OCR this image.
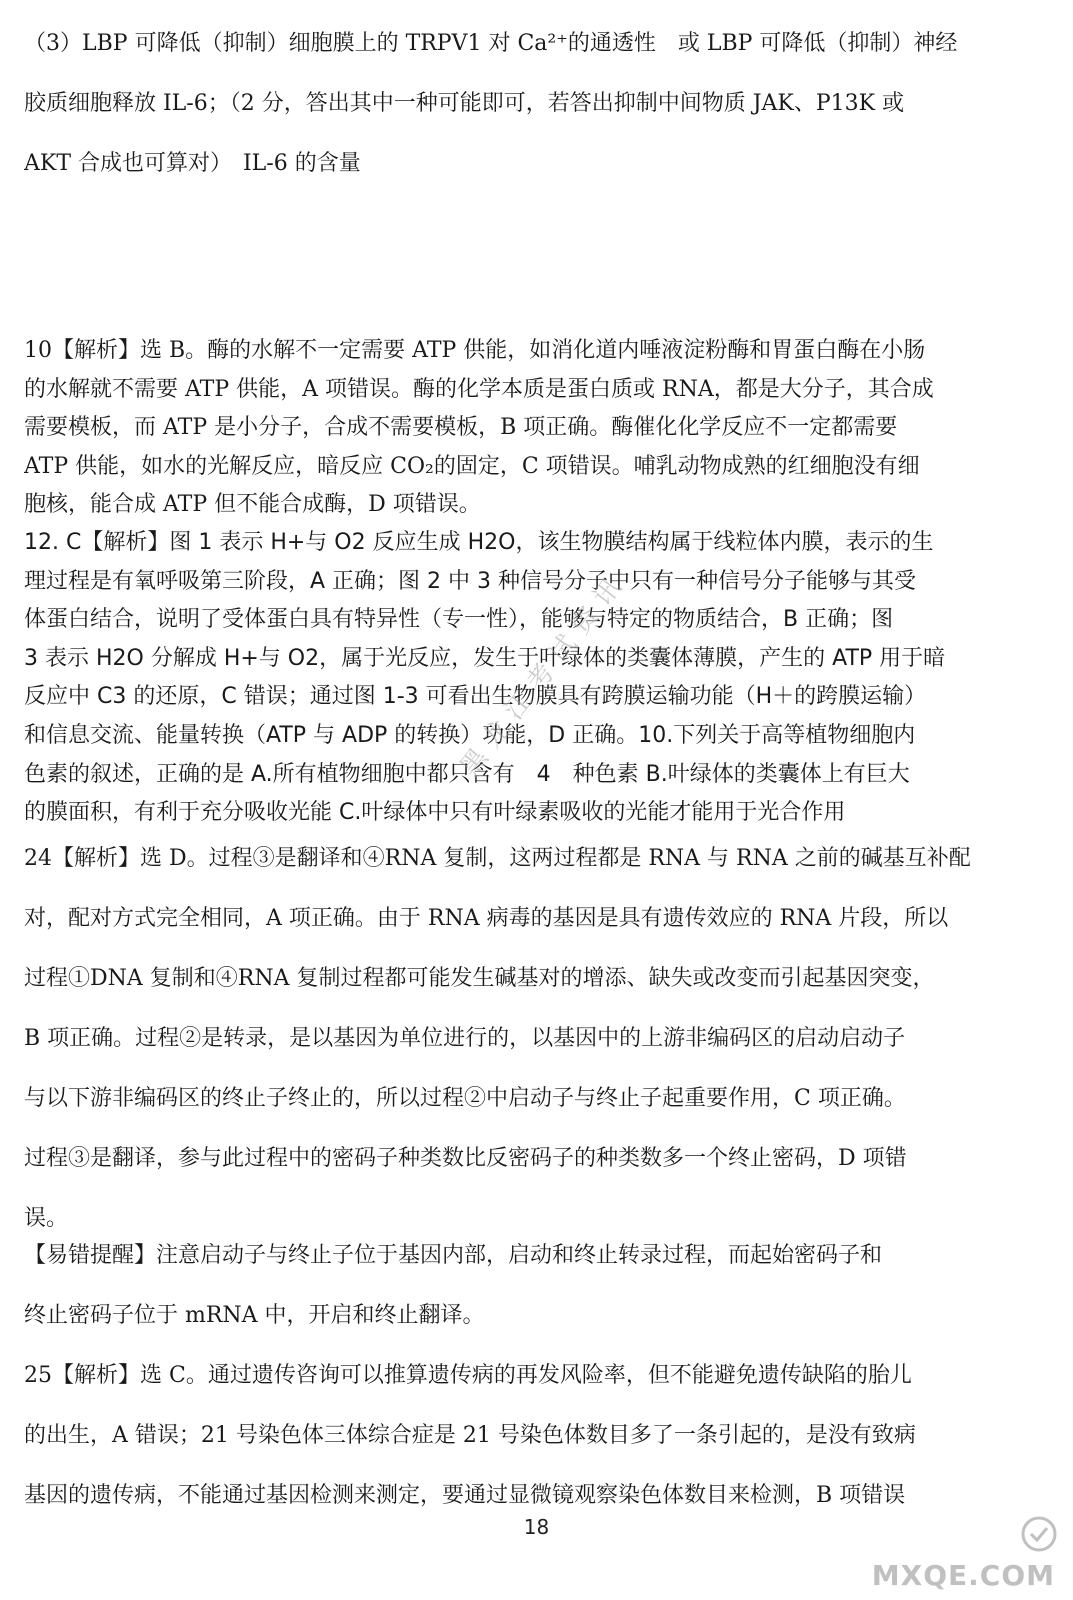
（3）LBP 可降低（抑制）细胞膜上的 TRPV1 对 Ca²⁺的通透性　或 LBP 可降低（抑制）神经
胶质细胞释放 IL-6；（2 分，答出其中一种可能即可，若答出抑制中间物质 JAK、P13K 或
AKT 合成也可算对）　IL-6 的含量
10【解析】选 B。酶的水解不一定需要 ATP 供能，如消化道内唾液淀粉酶和胃蛋白酶在小肠
的水解就不需要 ATP 供能，A 项错误。酶的化学本质是蛋白质或 RNA，都是大分子，其合成
需要模板，而 ATP 是小分子，合成不需要模板，B 项正确。酶催化化学反应不一定都需要
ATP 供能，如水的光解反应，暗反应 CO₂的固定，C 项错误。哺乳动物成熟的红细胞没有细
胞核，能合成 ATP 但不能合成酶，D 项错误。
12. C【解析】图 1 表示 H+与 O2 反应生成 H2O，该生物膜结构属于线粒体内膜，表示的生
理过程是有氧呼吸第三阶段，A 正确；图 2 中 3 种信号分子中只有一种信号分子能够与其受
体蛋白结合，说明了受体蛋白具有特异性（专一性），能够与特定的物质结合，B 正确；图
3 表示 H2O 分解成 H+与 O2，属于光反应，发生于叶绿体的类囊体薄膜，产生的 ATP 用于暗
反应中 C3 的还原，C 错误；通过图 1-3 可看出生物膜具有跨膜运输功能（H＋的跨膜运输）
和信息交流、能量转换（ATP 与 ADP 的转换）功能，D 正确。10.下列关于高等植物细胞内
色素的叙述，正确的是 A.所有植物细胞中都只含有　4　种色素 B.叶绿体的类囊体上有巨大
的膜面积，有利于充分吸收光能 C.叶绿体中只有叶绿素吸收的光能才能用于光合作用
24【解析】选 D。过程③是翻译和④RNA 复制，这两过程都是 RNA 与 RNA 之前的碱基互补配
对，配对方式完全相同，A 项正确。由于 RNA 病毒的基因是具有遗传效应的 RNA 片段，所以
过程①DNA 复制和④RNA 复制过程都可能发生碱基对的增添、缺失或改变而引起基因突变，
B 项正确。过程②是转录，是以基因为单位进行的，以基因中的上游非编码区的启动启动子
与以下游非编码区的终止子终止的，所以过程②中启动子与终止子起重要作用，C 项正确。
过程③是翻译，参与此过程中的密码子种类数比反密码子的种类数多一个终止密码，D 项错
误。
【易错提醒】注意启动子与终止子位于基因内部，启动和终止转录过程，而起始密码子和
终止密码子位于 mRNA 中，开启和终止翻译。
25【解析】选 C。通过遗传咨询可以推算遗传病的再发风险率，但不能避免遗传缺陷的胎儿
的出生，A 错误；21 号染色体三体综合症是 21 号染色体数目多了一条引起的，是没有致病
基因的遗传病，不能通过基因检测来测定，要通过显微镜观察染色体数目来检测，B 项错误
黑龙江考试资讯
18
MXQE.COM
